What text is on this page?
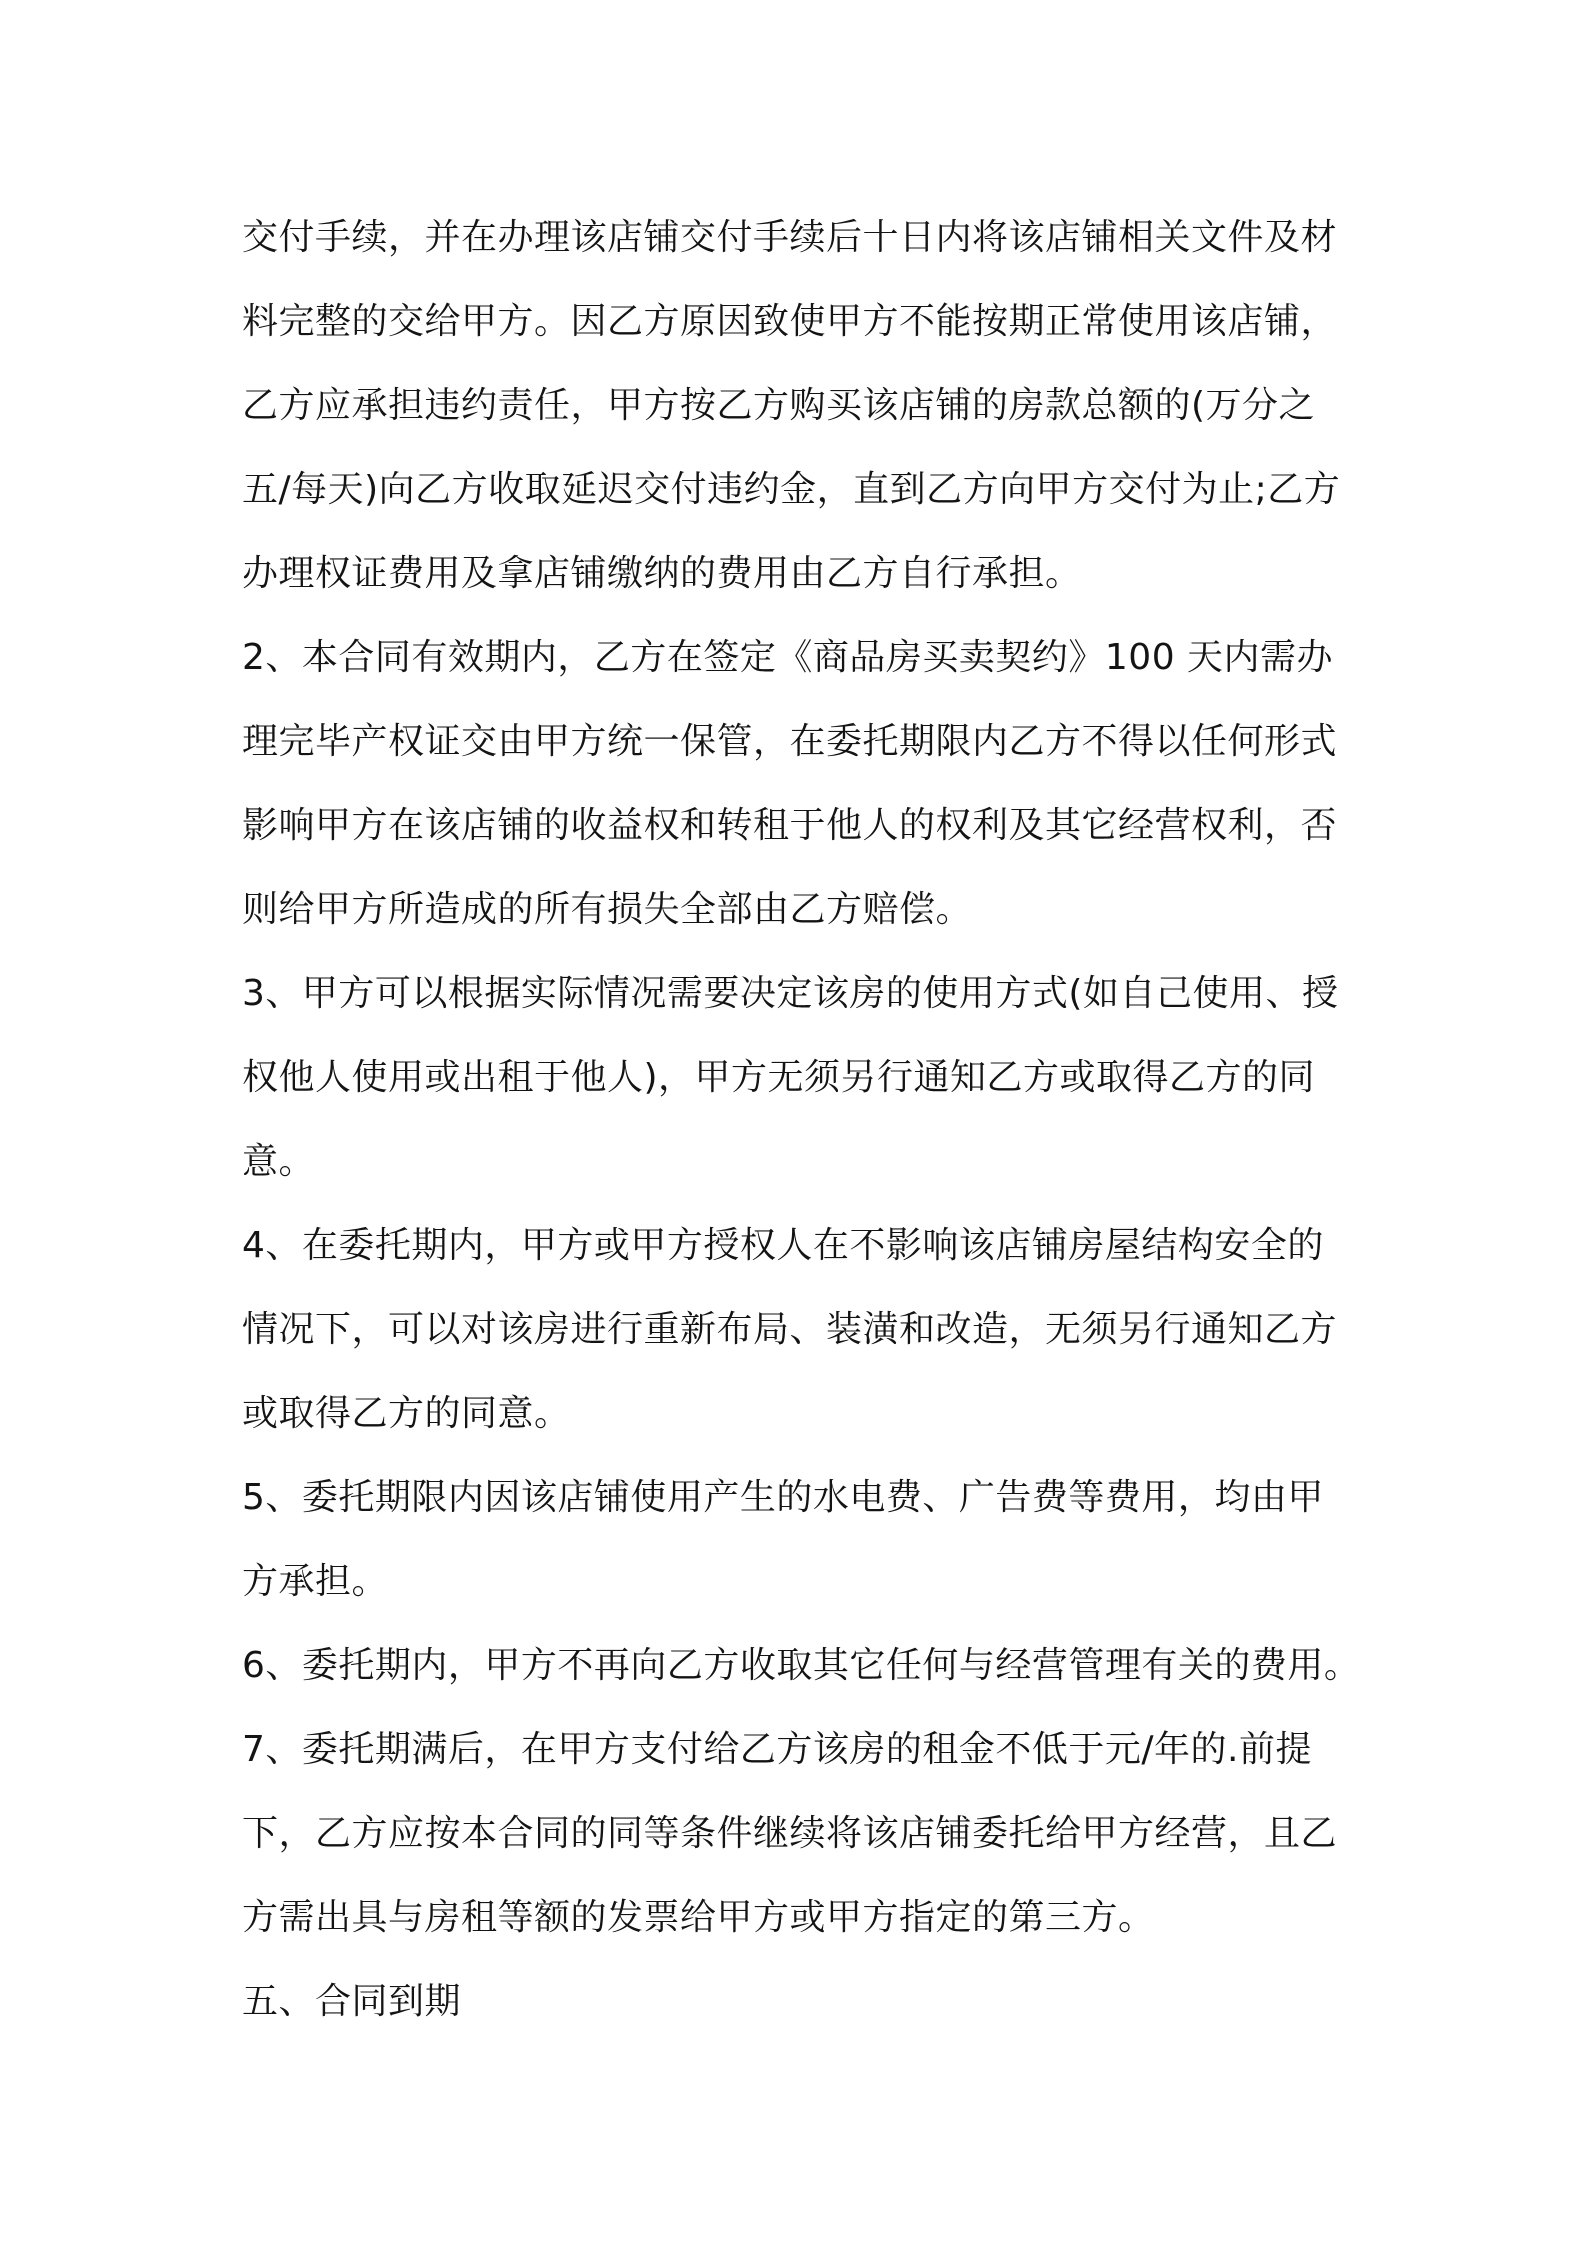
交付手续，并在办理该店铺交付手续后十日内将该店铺相关文件及材
料完整的交给甲方。因乙方原因致使甲方不能按期正常使用该店铺，
乙方应承担违约责任，甲方按乙方购买该店铺的房款总额的(万分之
五/每天)向乙方收取延迟交付违约金，直到乙方向甲方交付为止;乙方
办理权证费用及拿店铺缴纳的费用由乙方自行承担。
2、本合同有效期内，乙方在签定《商品房买卖契约》100 天内需办
理完毕产权证交由甲方统一保管，在委托期限内乙方不得以任何形式
影响甲方在该店铺的收益权和转租于他人的权利及其它经营权利，否
则给甲方所造成的所有损失全部由乙方赔偿。
3、甲方可以根据实际情况需要决定该房的使用方式(如自己使用、授
权他人使用或出租于他人)，甲方无须另行通知乙方或取得乙方的同
意。
4、在委托期内，甲方或甲方授权人在不影响该店铺房屋结构安全的
情况下，可以对该房进行重新布局、装潢和改造，无须另行通知乙方
或取得乙方的同意。
5、委托期限内因该店铺使用产生的水电费、广告费等费用，均由甲
方承担。
6、委托期内，甲方不再向乙方收取其它任何与经营管理有关的费用。
7、委托期满后，在甲方支付给乙方该房的租金不低于元/年的.前提
下，乙方应按本合同的同等条件继续将该店铺委托给甲方经营，且乙
方需出具与房租等额的发票给甲方或甲方指定的第三方。
五、合同到期
